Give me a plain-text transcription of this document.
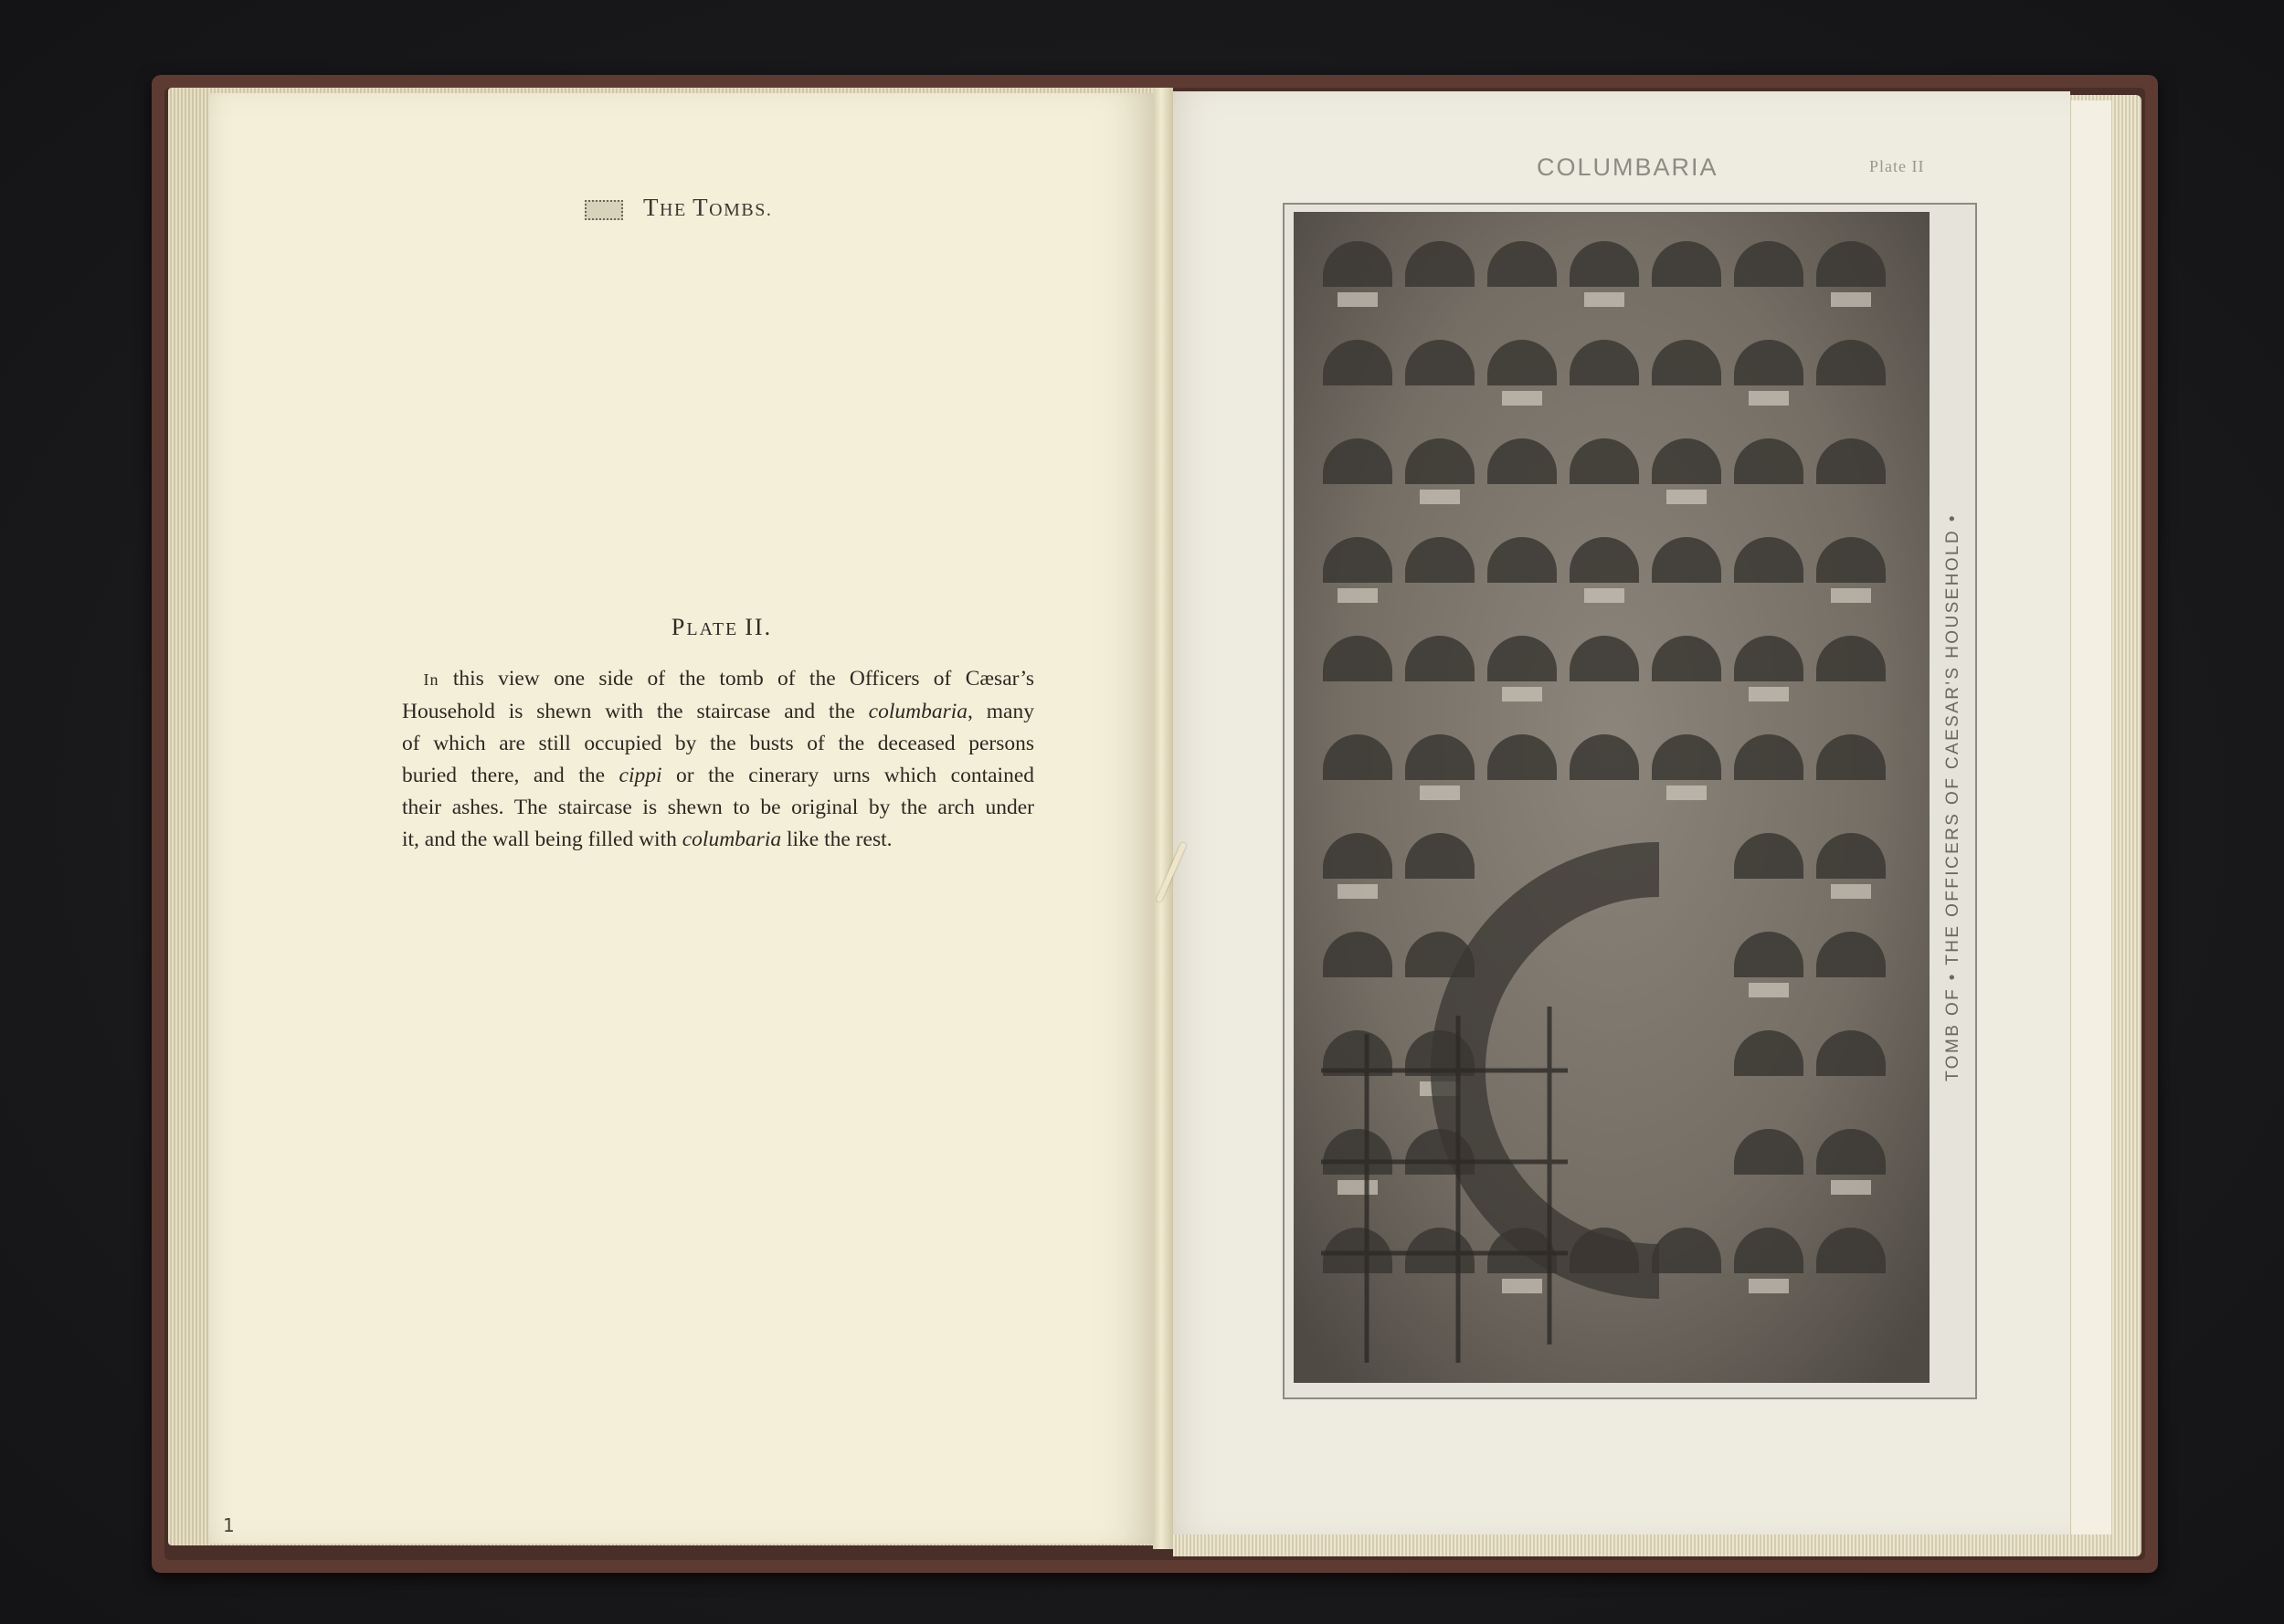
THE TOMBS.
PLATE II.

 In this view one side of the tomb of the Officers of Cæsar’s
Household is shewn with the staircase and the columbaria, many
of which are still occupied by the busts of the deceased persons
buried there, and the cippi or the cinerary urns which contained
their ashes. The staircase is shewn to be original by the arch under
it, and the wall being filled with columbaria like the rest.

1
COLUMBARIA	Plate II
TOMB OF • THE OFFICERS OF CAESAR'S HOUSEHOLD •
